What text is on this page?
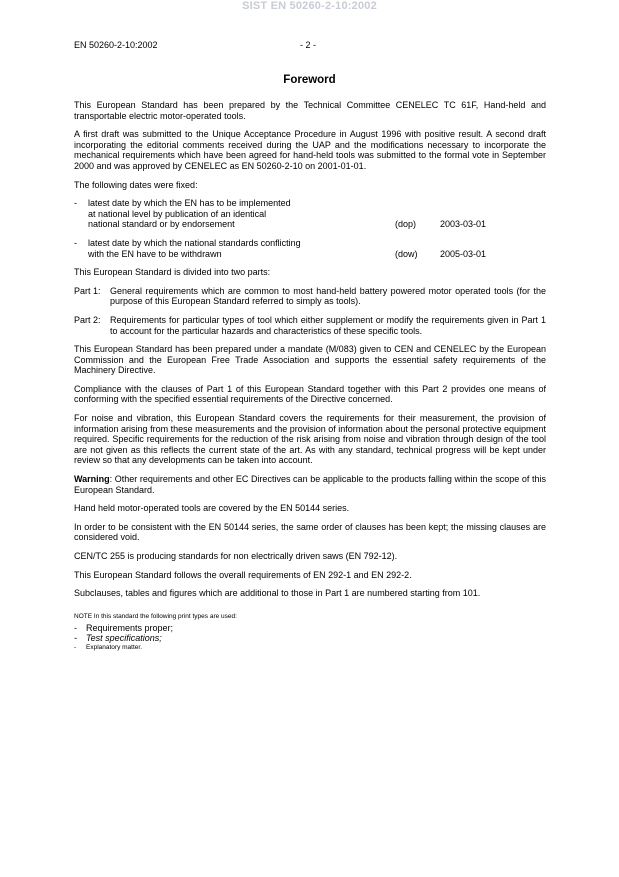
SIST EN 50260-2-10:2002
EN 50260-2-10:2002	- 2 -
Foreword

This European Standard has been prepared by the Technical Committee CENELEC TC 61F, Hand-held and transportable electric motor-operated tools.

A first draft was submitted to the Unique Acceptance Procedure in August 1996 with positive result. A second draft incorporating the editorial comments received during the UAP and the modifications necessary to incorporate the mechanical requirements which have been agreed for hand-held tools was submitted to the formal vote in September 2000 and was approved by CENELEC as EN 50260-2-10 on 2001-01-01.

The following dates were fixed:

-	latest date by which the EN has to be implemented
at national level by publication of an identical
national standard or by endorsement	(dop)	2003-03-01
-	latest date by which the national standards conflicting
with the EN have to be withdrawn	(dow)	2005-03-01

This European Standard is divided into two parts:

Part 1:	General requirements which are common to most hand-held battery powered motor operated tools (for the purpose of this European Standard referred to simply as tools).
Part 2:	Requirements for particular types of tool which either supplement or modify the requirements given in Part 1 to account for the particular hazards and characteristics of these specific tools.

This European Standard has been prepared under a mandate (M/083) given to CEN and CENELEC by the European Commission and the European Free Trade Association and supports the essential safety requirements of the Machinery Directive.

Compliance with the clauses of Part 1 of this European Standard together with this Part 2 provides one means of conforming with the specified essential requirements of the Directive concerned.

For noise and vibration, this European Standard covers the requirements for their measurement, the provision of information arising from these measurements and the provision of information about the personal protective equipment required. Specific requirements for the reduction of the risk arising from noise and vibration through design of the tool are not given as this reflects the current state of the art. As with any standard, technical progress will be kept under review so that any developments can be taken into account.

Warning: Other requirements and other EC Directives can be applicable to the products falling within the scope of this European Standard.

Hand held motor-operated tools are covered by the EN 50144 series.

In order to be consistent with the EN 50144 series, the same order of clauses has been kept; the missing clauses are considered void.

CEN/TC 255 is producing standards for non electrically driven saws (EN 792-12).

This European Standard follows the overall requirements of EN 292-1 and EN 292-2.

Subclauses, tables and figures which are additional to those in Part 1 are numbered starting from 101.

NOTE In this standard the following print types are used:
-	Requirements proper;
-	Test specifications;
-	Explanatory matter.
